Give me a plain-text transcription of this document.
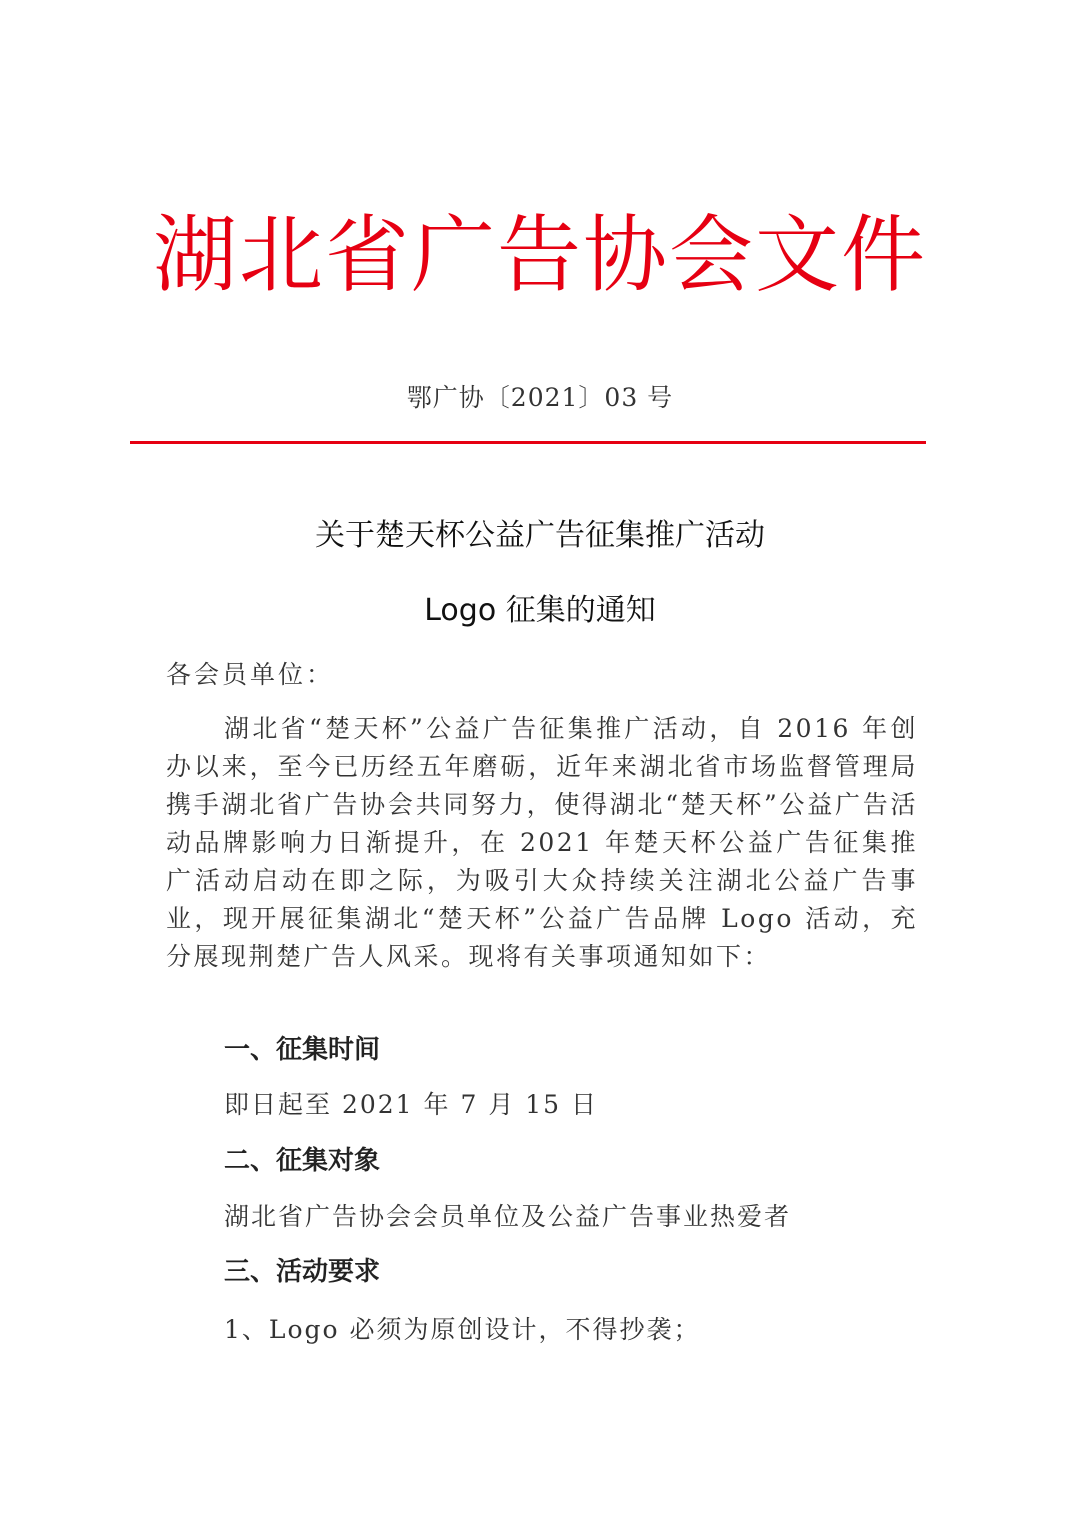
湖北省广告协会文件
鄂广协〔2021〕03 号
关于楚天杯公益广告征集推广活动
Logo 征集的通知
各会员单位：

湖北省“楚天杯”公益广告征集推广活动，自 2016 年创办以来，至今已历经五年磨砺，近年来湖北省市场监督管理局携手湖北省广告协会共同努力，使得湖北“楚天杯”公益广告活动品牌影响力日渐提升，在 2021 年楚天杯公益广告征集推广活动启动在即之际，为吸引大众持续关注湖北公益广告事业，现开展征集湖北“楚天杯”公益广告品牌 Logo 活动，充分展现荆楚广告人风采。现将有关事项通知如下：

一、征集时间
即日起至 2021 年 7 月 15 日
二、征集对象
湖北省广告协会会员单位及公益广告事业热爱者
三、活动要求
1、Logo 必须为原创设计，不得抄袭；
